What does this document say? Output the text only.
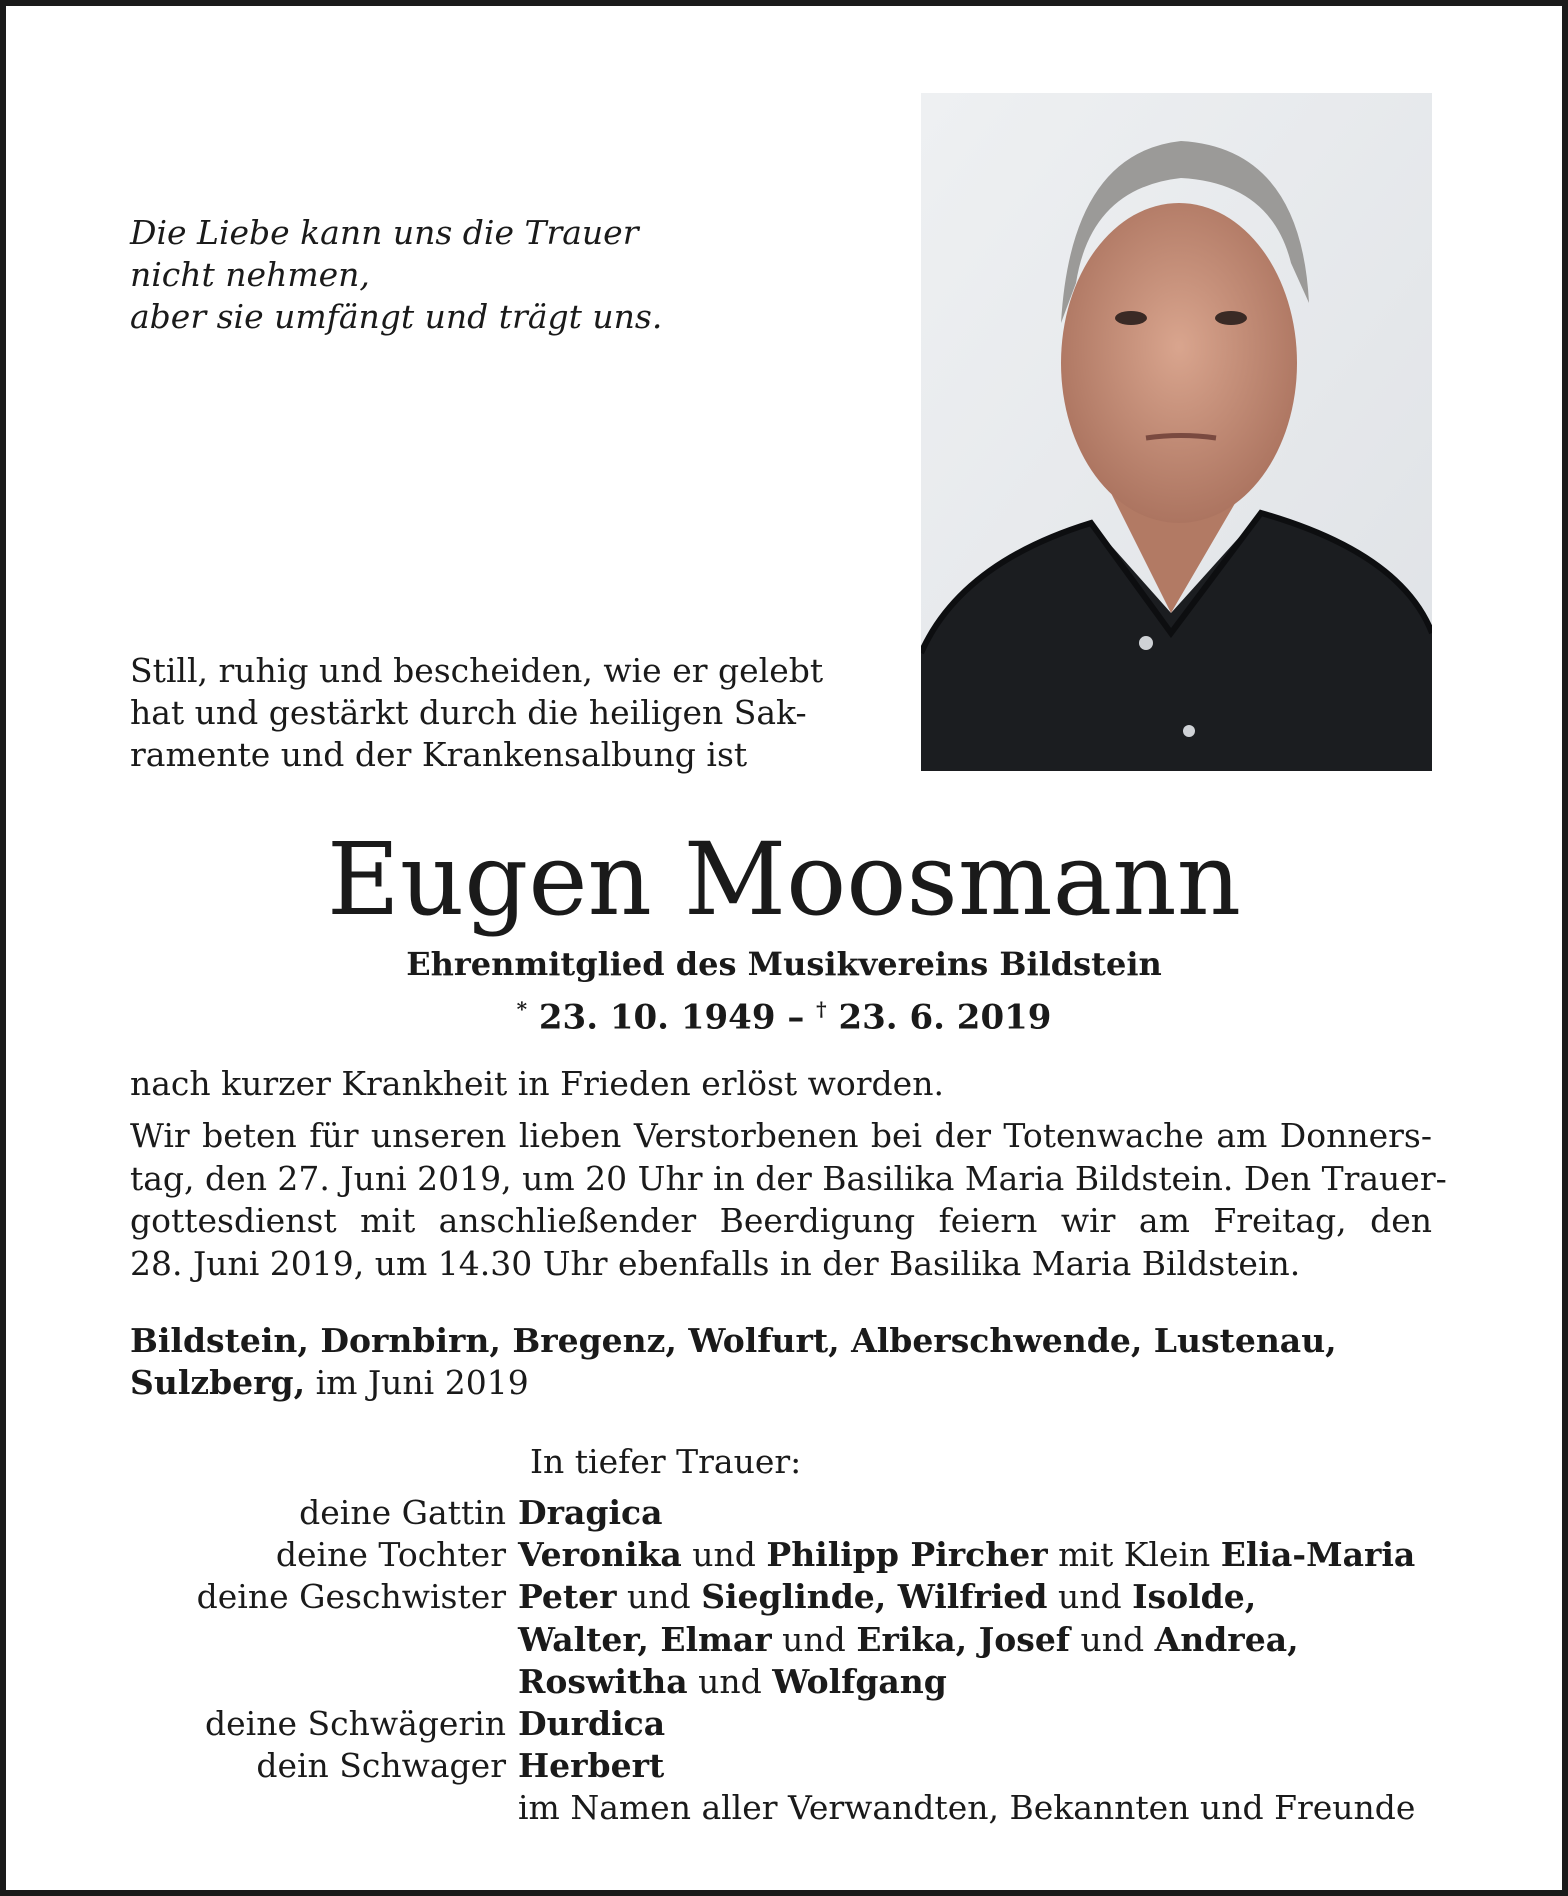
Die Liebe kann uns die Trauer
nicht nehmen,
aber sie umfängt und trägt uns.
Still, ruhig und bescheiden, wie er gelebt
hat und gestärkt durch die heiligen Sak-
ramente und der Krankensalbung ist
Eugen Moosmann
Ehrenmitglied des Musikvereins Bildstein
* 23. 10. 1949 – † 23. 6. 2019
nach kurzer Krankheit in Frieden erlöst worden.
Wir beten für unseren lieben Verstorbenen bei der Totenwache am Donners-
tag, den 27. Juni 2019, um 20 Uhr in der Basilika Maria Bildstein. Den Trauer-
gottesdienst mit anschließender Beerdigung feiern wir am Freitag, den
28. Juni 2019, um 14.30 Uhr ebenfalls in der Basilika Maria Bildstein.
Bildstein, Dornbirn, Bregenz, Wolfurt, Alberschwende, Lustenau,
Sulzberg, im Juni 2019
In tiefer Trauer:
deine Gattin Dragica
deine Tochter Veronika und Philipp Pircher mit Klein Elia-Maria
deine Geschwister Peter und Sieglinde, Wilfried und Isolde,
Walter, Elmar und Erika, Josef und Andrea,
Roswitha und Wolfgang
deine Schwägerin Durdica
dein Schwager Herbert
im Namen aller Verwandten, Bekannten und Freunde
